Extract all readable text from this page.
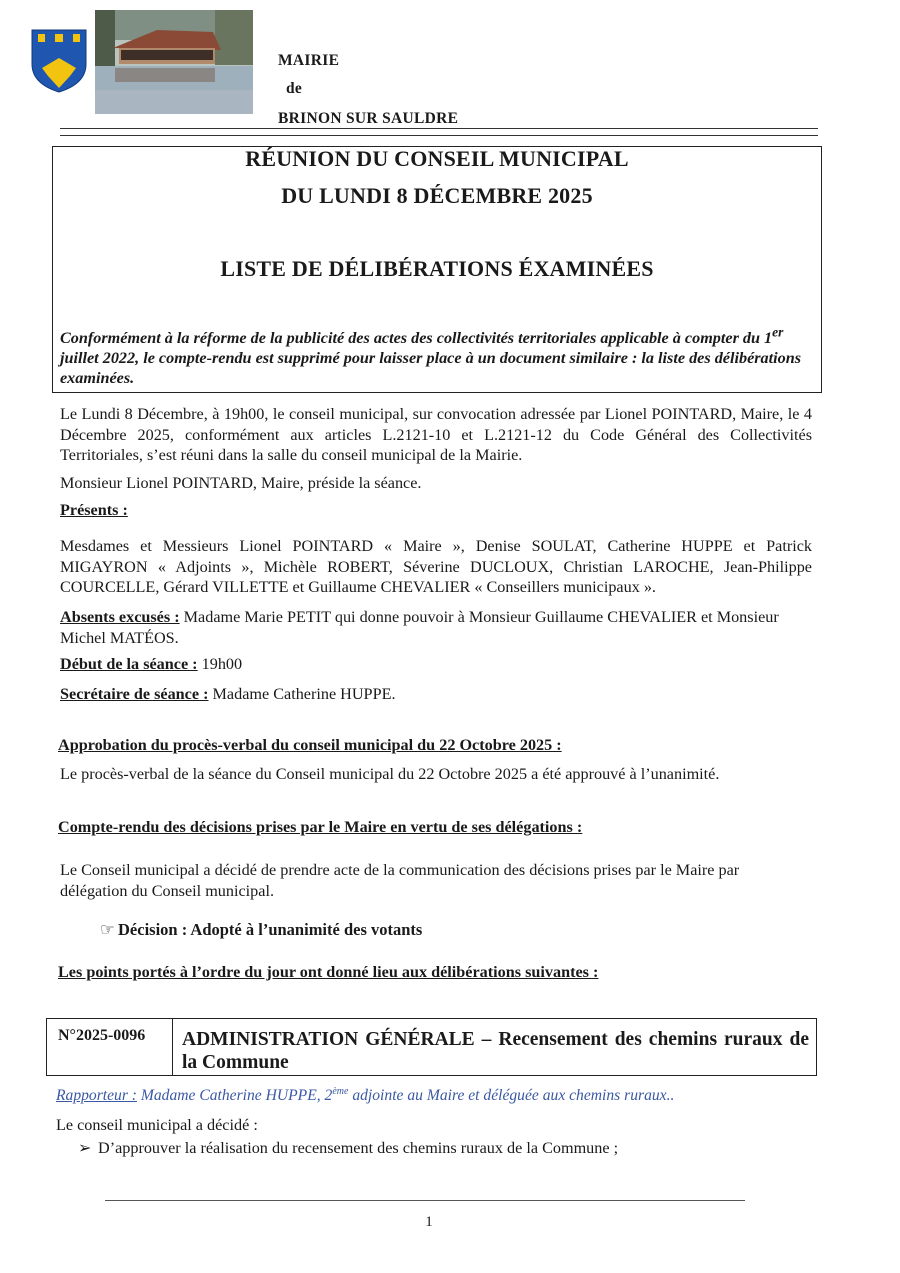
MAIRIE
de
BRINON SUR SAULDRE
RÉUNION DU CONSEIL MUNICIPAL
DU LUNDI 8 DÉCEMBRE 2025
LISTE DE DÉLIBÉRATIONS ÉXAMINÉES
Conformément à la réforme de la publicité des actes des collectivités territoriales applicable à compter du 1er juillet 2022, le compte-rendu est supprimé pour laisser place à un document similaire : la liste des délibérations examinées.
Le Lundi 8 Décembre, à 19h00, le conseil municipal, sur convocation adressée par Lionel POINTARD, Maire, le 4 Décembre 2025, conformément aux articles L.2121-10 et L.2121-12 du Code Général des Collectivités Territoriales, s’est réuni dans la salle du conseil municipal de la Mairie.
Monsieur Lionel POINTARD, Maire, préside la séance.
Présents :
Mesdames et Messieurs Lionel POINTARD « Maire », Denise SOULAT, Catherine HUPPE et Patrick MIGAYRON « Adjoints », Michèle ROBERT, Séverine DUCLOUX, Christian LAROCHE, Jean-Philippe COURCELLE, Gérard VILLETTE et Guillaume CHEVALIER « Conseillers municipaux ».
Absents excusés : Madame Marie PETIT qui donne pouvoir à Monsieur Guillaume CHEVALIER et Monsieur Michel MATÉOS.
Début de la séance : 19h00
Secrétaire de séance : Madame Catherine HUPPE.
Approbation du procès-verbal du conseil municipal du 22 Octobre 2025 :
Le procès-verbal de la séance du Conseil municipal du 22 Octobre 2025 a été approuvé à l’unanimité.
Compte-rendu des décisions prises par le Maire en vertu de ses délégations :
Le Conseil municipal a décidé de prendre acte de la communication des décisions prises par le Maire par délégation du Conseil municipal.
☞ Décision : Adopté à l’unanimité des votants
Les points portés à l’ordre du jour ont donné lieu aux délibérations suivantes :
N°2025-0096 ADMINISTRATION GÉNÉRALE – Recensement des chemins ruraux de la Commune
Rapporteur : Madame Catherine HUPPE, 2ème adjointe au Maire et déléguée aux chemins ruraux..
Le conseil municipal a décidé :
➢ D’approuver la réalisation du recensement des chemins ruraux de la Commune ;
1
